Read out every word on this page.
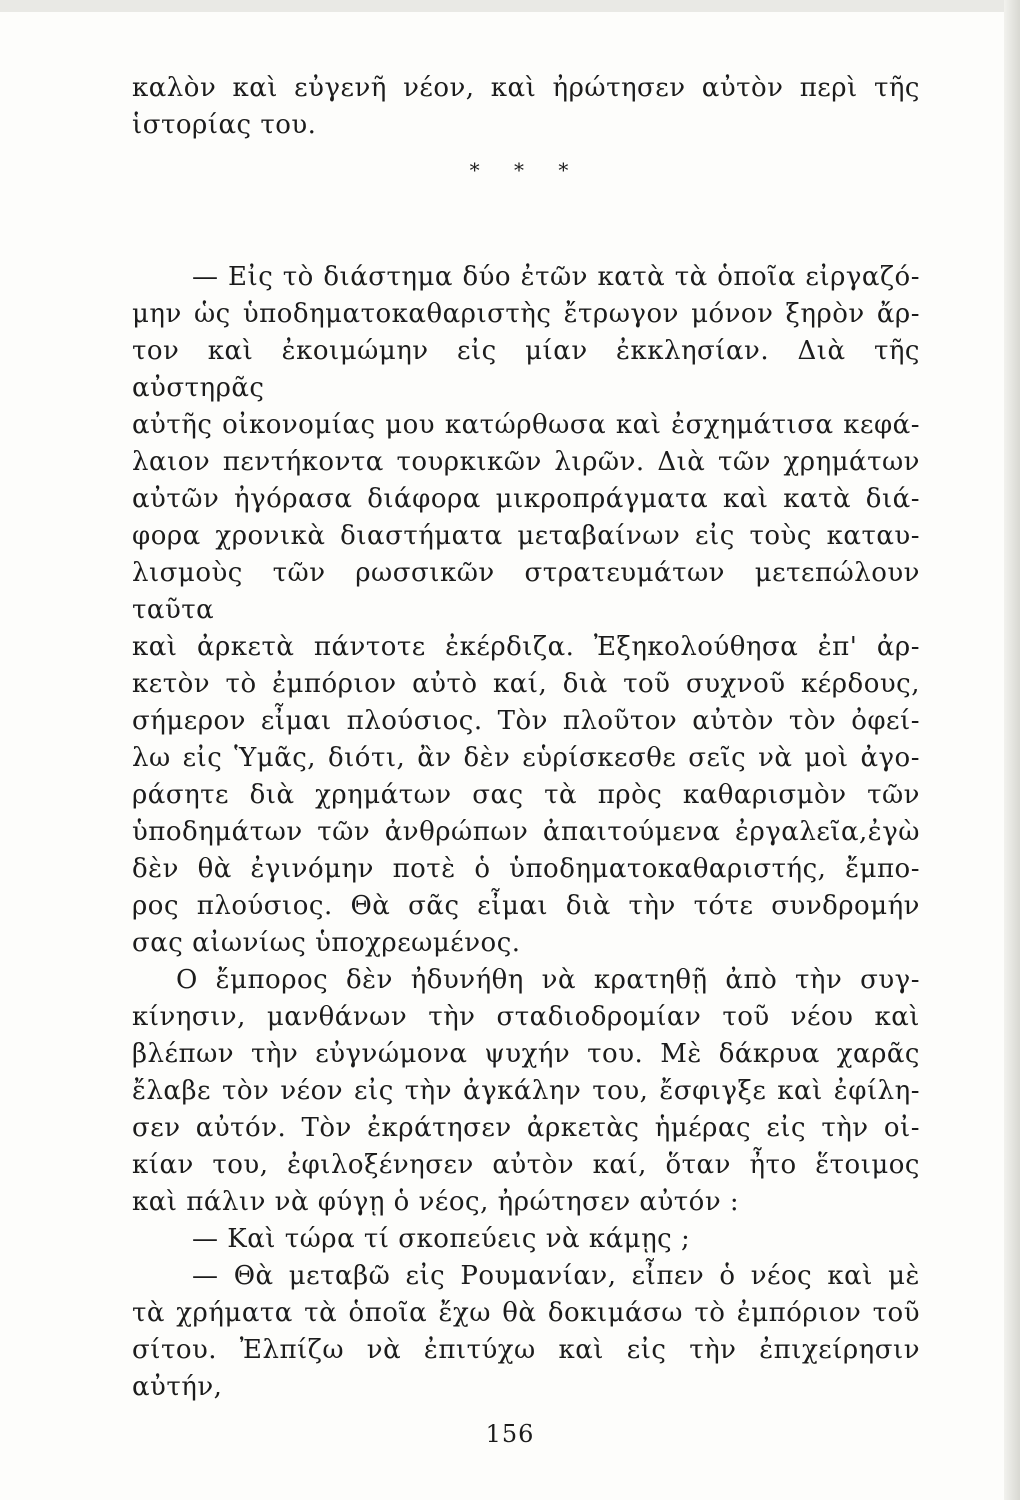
καλὸν καὶ εὐγενῆ νέον, καὶ ἠρώτησεν αὐτὸν περὶ τῆς
ἱστορίας του.
* * *
— Εἰς τὸ διάστημα δύο ἐτῶν κατὰ τὰ ὁποῖα εἰργαζό-
μην ὡς ὑποδηματοκαθαριστὴς ἔτρωγον μόνον ξηρὸν ἄρ-
τον καὶ ἐκοιμώμην εἰς μίαν ἐκκλησίαν. Διὰ τῆς αὐστηρᾶς
αὐτῆς οἰκονομίας μου κατώρθωσα καὶ ἐσχημάτισα κεφά-
λαιον πεντήκοντα τουρκικῶν λιρῶν. Διὰ τῶν χρημάτων
αὐτῶν ἠγόρασα διάφορα μικροπράγματα καὶ κατὰ διά-
φορα χρονικὰ διαστήματα μεταβαίνων εἰς τοὺς καταυ-
λισμοὺς τῶν ρωσσικῶν στρατευμάτων μετεπώλουν ταῦτα
καὶ ἀρκετὰ πάντοτε ἐκέρδιζα. Ἐξηκολούθησα ἐπ' ἀρ-
κετὸν τὸ ἐμπόριον αὐτὸ καί, διὰ τοῦ συχνοῦ κέρδους,
σήμερον εἶμαι πλούσιος. Τὸν πλοῦτον αὐτὸν τὸν ὀφεί-
λω εἰς Ὑμᾶς, διότι, ἂν δὲν εὑρίσκεσθε σεῖς νὰ μοὶ ἀγο-
ράσητε διὰ χρημάτων σας τὰ πρὸς καθαρισμὸν τῶν
ὑποδημάτων τῶν ἀνθρώπων ἀπαιτούμενα ἐργαλεῖα,ἐγὼ
δὲν θὰ ἐγινόμην ποτὲ ὁ ὑποδηματοκαθαριστής, ἔμπο-
ρος πλούσιος. Θὰ σᾶς εἶμαι διὰ τὴν τότε συνδρομήν
σας αἰωνίως ὑποχρεωμένος.
Ο ἔμπορος δὲν ἠδυνήθη νὰ κρατηθῇ ἀπὸ τὴν συγ-
κίνησιν, μανθάνων τὴν σταδιοδρομίαν τοῦ νέου καὶ
βλέπων τὴν εὐγνώμονα ψυχήν του. Μὲ δάκρυα χαρᾶς
ἔλαβε τὸν νέον εἰς τὴν ἀγκάλην του, ἔσφιγξε καὶ ἐφίλη-
σεν αὐτόν. Τὸν ἐκράτησεν ἀρκετὰς ἡμέρας εἰς τὴν οἰ-
κίαν του, ἐφιλοξένησεν αὐτὸν καί, ὅταν ἦτο ἕτοιμος
καὶ πάλιν νὰ φύγῃ ὁ νέος, ἠρώτησεν αὐτόν :
— Καὶ τώρα τί σκοπεύεις νὰ κάμῃς ;
— Θὰ μεταβῶ εἰς Ρουμανίαν, εἶπεν ὁ νέος καὶ μὲ
τὰ χρήματα τὰ ὁποῖα ἔχω θὰ δοκιμάσω τὸ ἐμπόριον τοῦ
σίτου. Ἐλπίζω νὰ ἐπιτύχω καὶ εἰς τὴν ἐπιχείρησιν αὐτήν,
156
